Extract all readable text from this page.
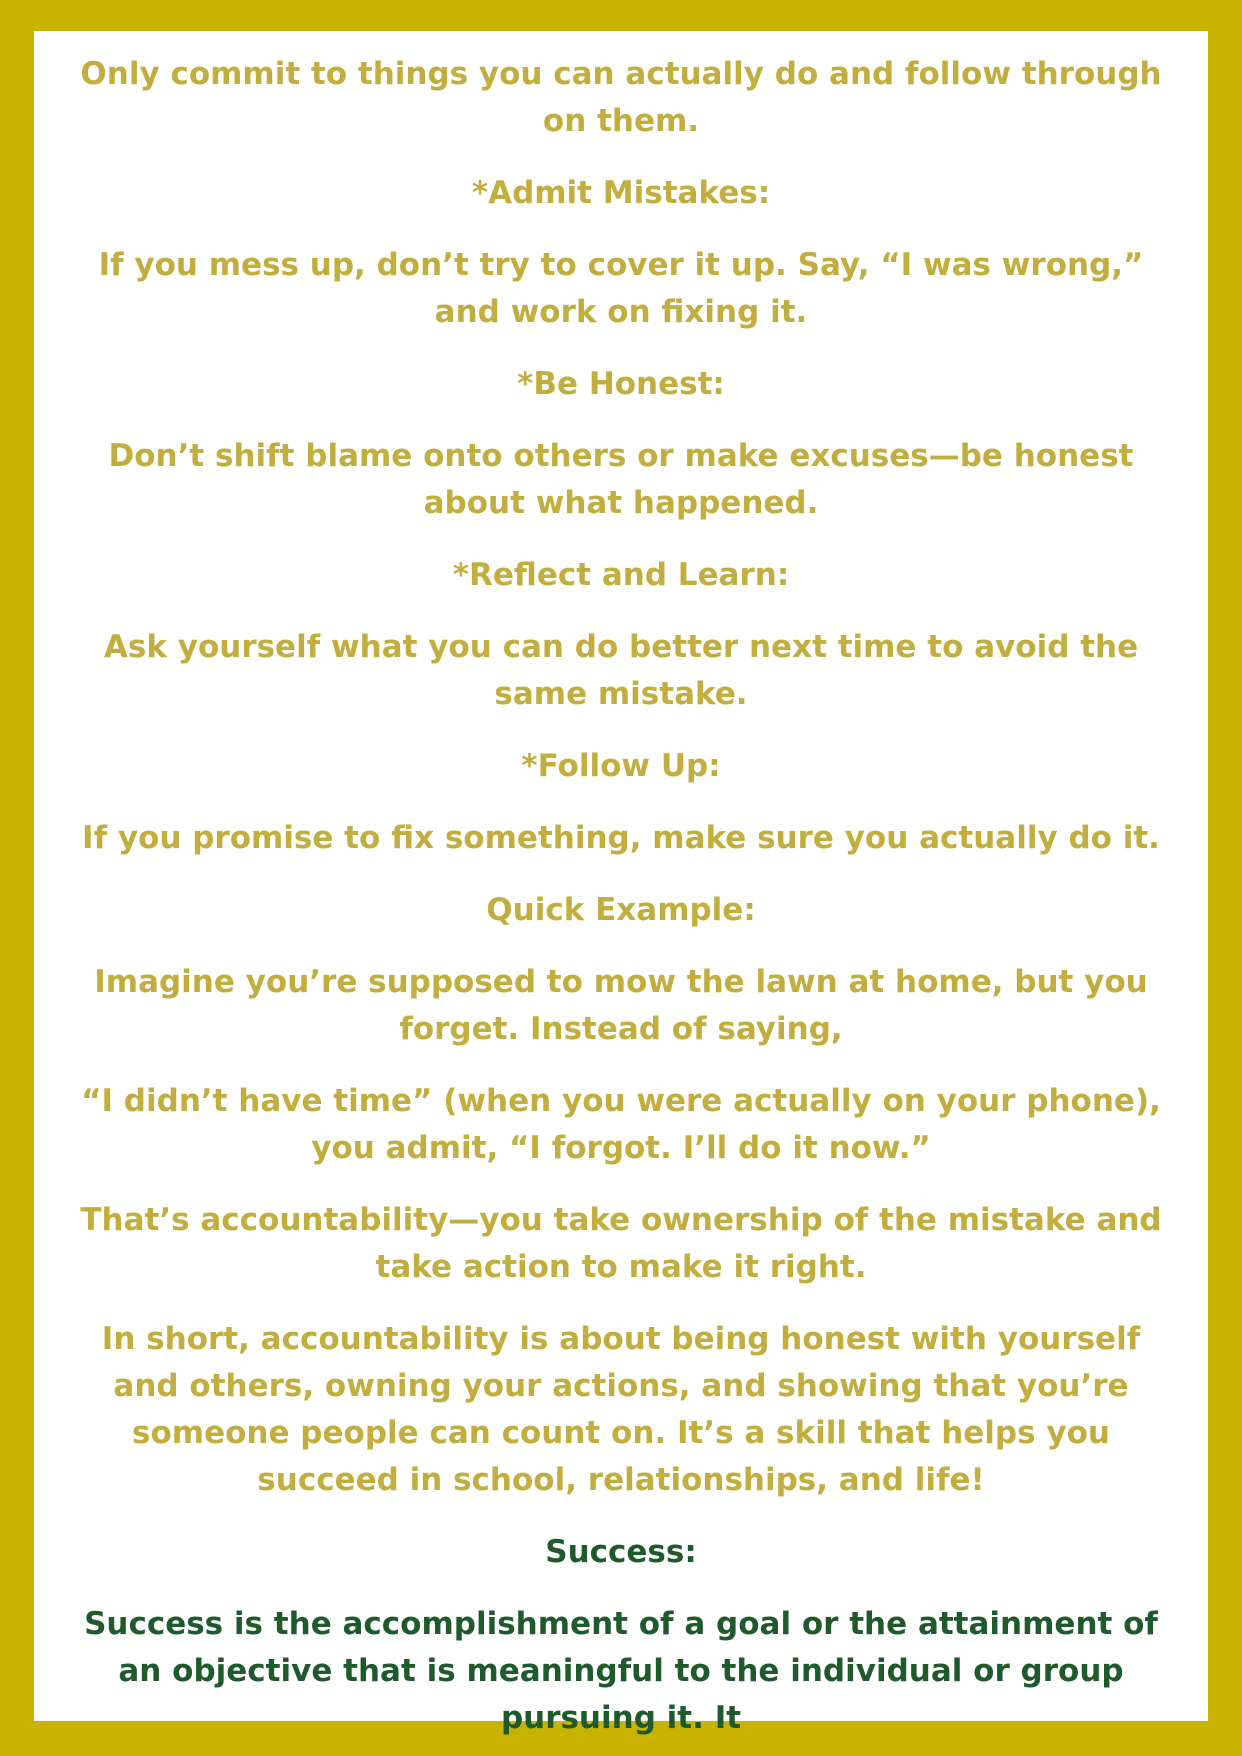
Only commit to things you can actually do and follow through on them.

*Admit Mistakes:

If you mess up, don’t try to cover it up. Say, “I was wrong,” and work on fixing it.

*Be Honest:

Don’t shift blame onto others or make excuses—be honest about what happened.

*Reflect and Learn:

Ask yourself what you can do better next time to avoid the same mistake.

*Follow Up:

If you promise to fix something, make sure you actually do it.

Quick Example:

Imagine you’re supposed to mow the lawn at home, but you forget. Instead of saying,

“I didn’t have time” (when you were actually on your phone), you admit, “I forgot. I’ll do it now.”

That’s accountability—you take ownership of the mistake and take action to make it right.

In short, accountability is about being honest with yourself and others, owning your actions, and showing that you’re someone people can count on. It’s a skill that helps you succeed in school, relationships, and life!

Success:

Success is the accomplishment of a goal or the attainment of an objective that is meaningful to the individual or group pursuing it. It
